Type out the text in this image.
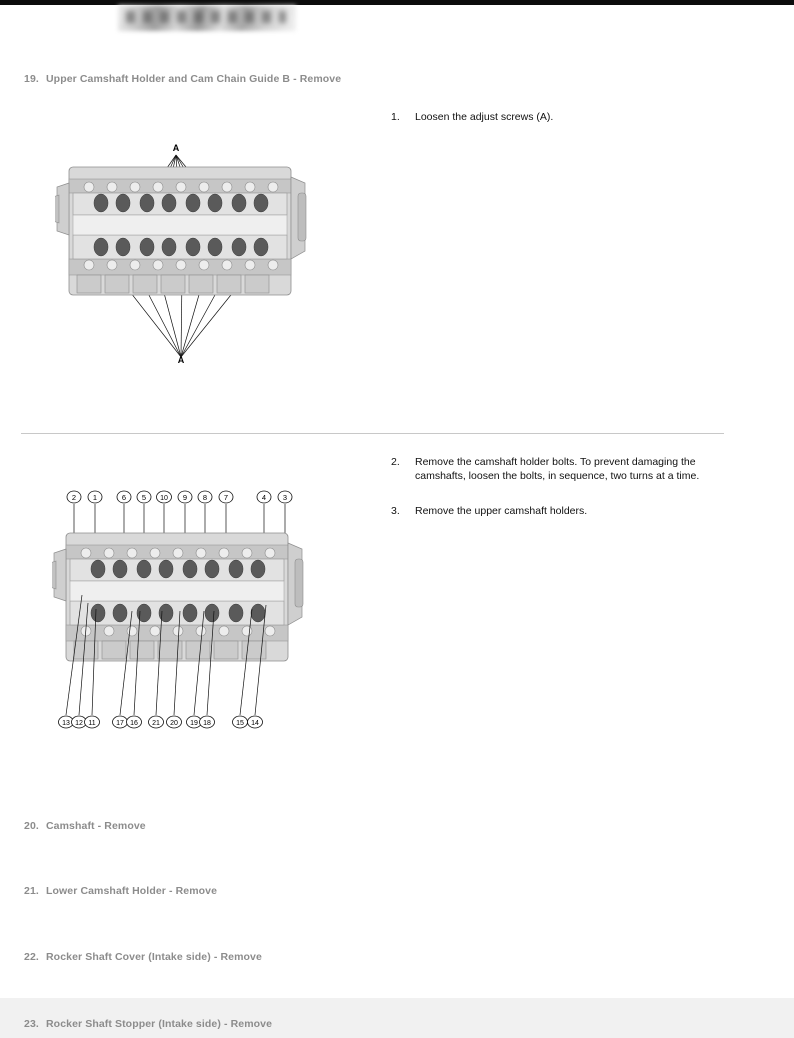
19. Upper Camshaft Holder and Cam Chain Guide B - Remove
1.	Loosen the adjust screws (A).
A
A
2.	Remove the camshaft holder bolts. To prevent damaging the camshafts, loosen the bolts, in sequence, two turns at a time.
3.	Remove the upper camshaft holders.
2 1	6 5 10 9 8 7	4 3
13 12 11	17 16 21 20 19 18	15 14
20. Camshaft - Remove
21. Lower Camshaft Holder - Remove
22. Rocker Shaft Cover (Intake side) - Remove
23. Rocker Shaft Stopper (Intake side) - Remove
